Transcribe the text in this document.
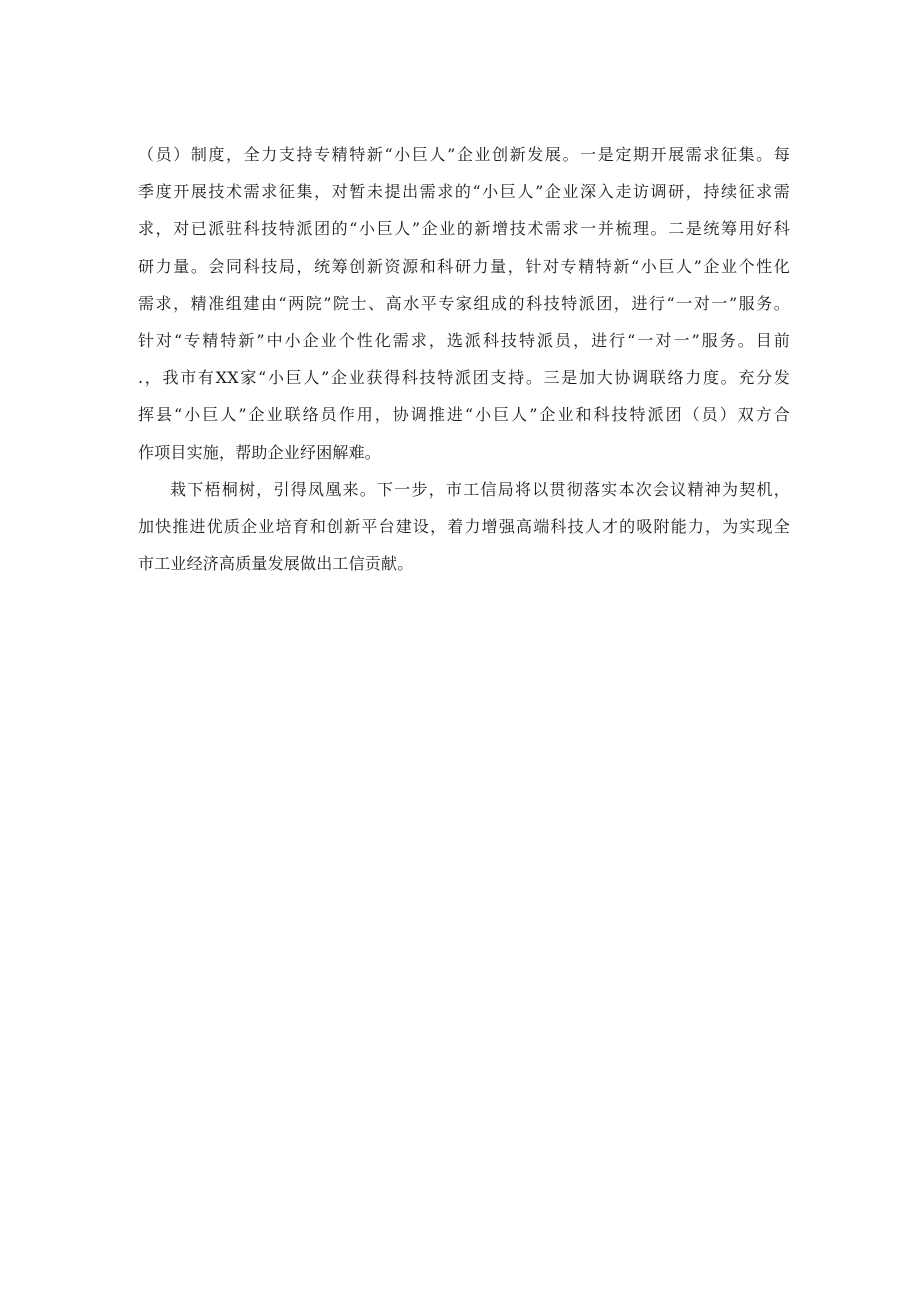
（员）制度，全力支持专精特新“小巨人”企业创新发展。一是定期开展需求征集。每
季度开展技术需求征集，对暂未提出需求的“小巨人”企业深入走访调研，持续征求需
求，对已派驻科技特派团的“小巨人”企业的新增技术需求一并梳理。二是统筹用好科
研力量。会同科技局，统筹创新资源和科研力量，针对专精特新“小巨人”企业个性化
需求，精准组建由“两院”院士、高水平专家组成的科技特派团，进行“一对一”服务。
针对“专精特新”中小企业个性化需求，选派科技特派员，进行“一对一”服务。目前
.，我市有XX家“小巨人”企业获得科技特派团支持。三是加大协调联络力度。充分发
挥县“小巨人”企业联络员作用，协调推进“小巨人”企业和科技特派团（员）双方合
作项目实施，帮助企业纾困解难。
栽下梧桐树，引得凤凰来。下一步，市工信局将以贯彻落实本次会议精神为契机，
加快推进优质企业培育和创新平台建设，着力增强高端科技人才的吸附能力，为实现全
市工业经济高质量发展做出工信贡献。
